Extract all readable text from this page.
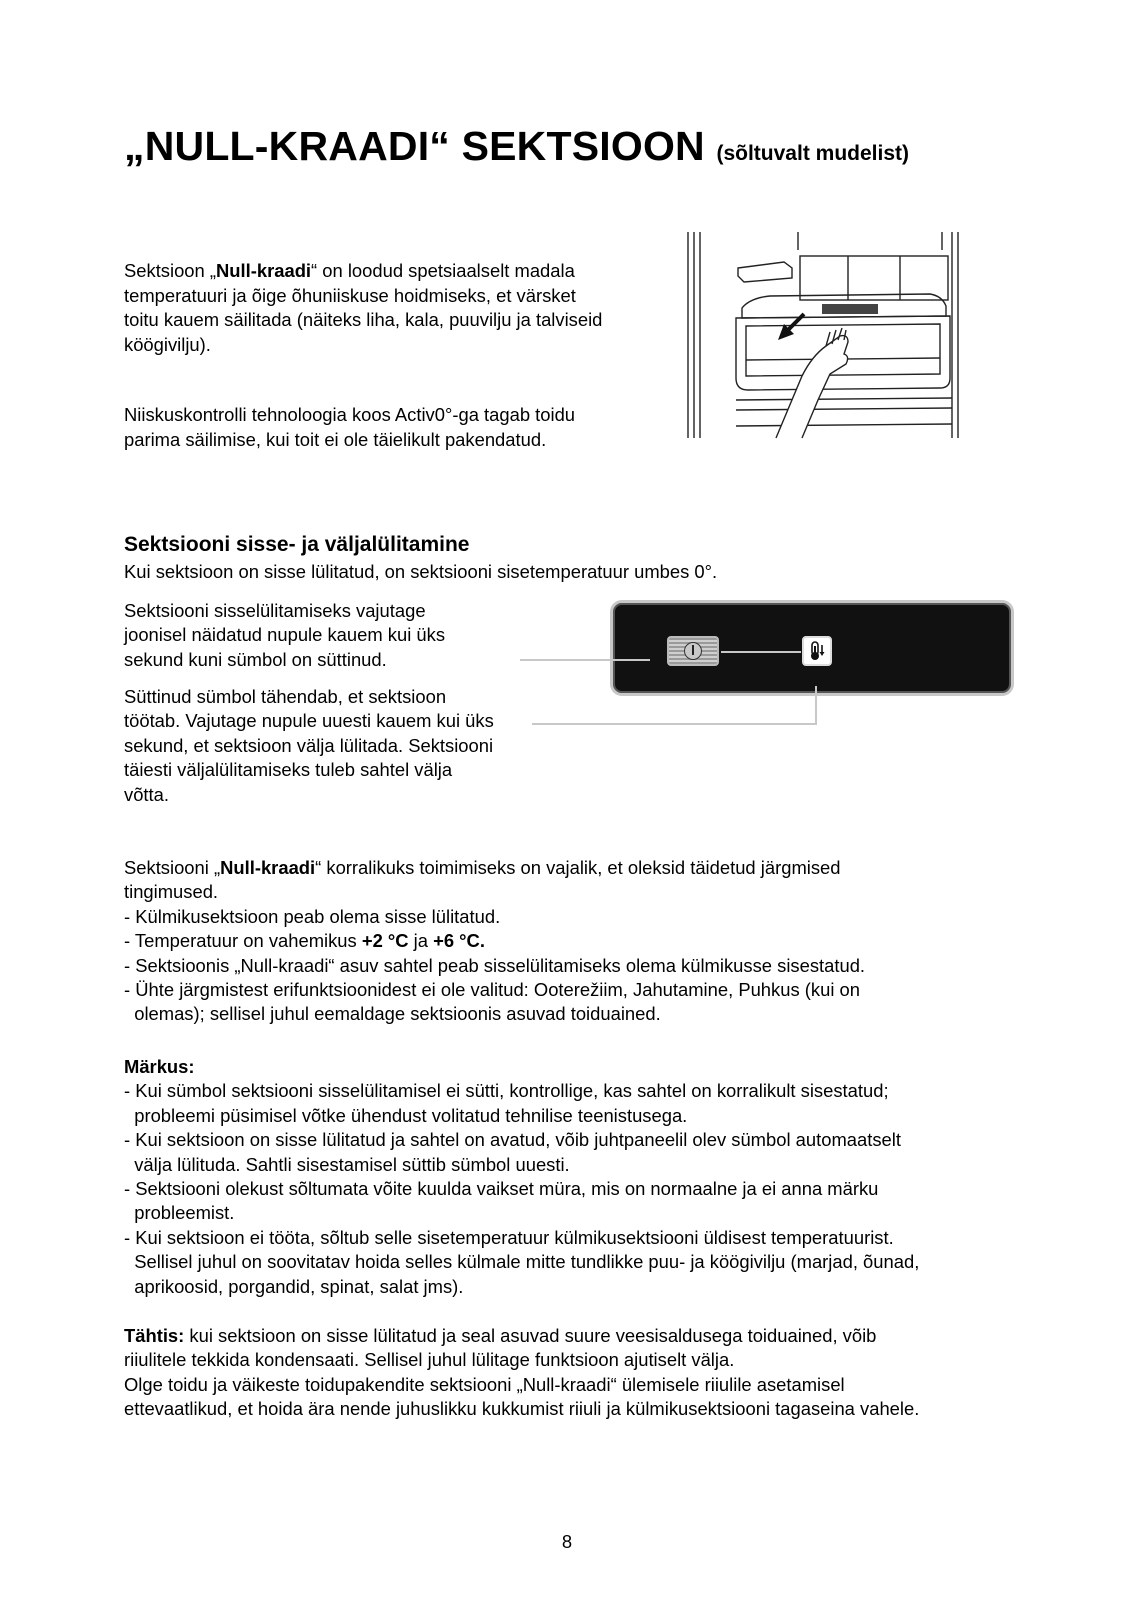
„NULL-KRAADI“ SEKTSIOON (sõltuvalt mudelist)

Sektsioon „Null-kraadi“ on loodud spetsiaalselt madala
temperatuuri ja õige õhuniiskuse hoidmiseks, et värsket
toitu kauem säilitada (näiteks liha, kala, puuvilju ja talviseid
köögivilju).

Niiskuskontrolli tehnoloogia koos Activ0°-ga tagab toidu
parima säilimise, kui toit ei ole täielikult pakendatud.

Sektsiooni sisse- ja väljalülitamine

Kui sektsioon on sisse lülitatud, on sektsiooni sisetemperatuur umbes 0°.

Sektsiooni sisselülitamiseks vajutage
joonisel näidatud nupule kauem kui üks
sekund kuni sümbol on süttinud.

Süttinud sümbol tähendab, et sektsioon
töötab. Vajutage nupule uuesti kauem kui üks
sekund, et sektsioon välja lülitada. Sektsiooni
täiesti väljalülitamiseks tuleb sahtel välja
võtta.

Sektsiooni „Null-kraadi“ korralikuks toimimiseks on vajalik, et oleksid täidetud järgmised
tingimused.

- Külmikusektsioon peab olema sisse lülitatud.

- Temperatuur on vahemikus +2 °C ja +6 °C.

- Sektsioonis „Null-kraadi“ asuv sahtel peab sisselülitamiseks olema külmikusse sisestatud.

- Ühte järgmistest erifunktsioonidest ei ole valitud: Ooterežiim, Jahutamine, Puhkus (kui on
olemas); sellisel juhul eemaldage sektsioonis asuvad toiduained.

Märkus:

- Kui sümbol sektsiooni sisselülitamisel ei sütti, kontrollige, kas sahtel on korralikult sisestatud;
probleemi püsimisel võtke ühendust volitatud tehnilise teenistusega.
- Kui sektsioon on sisse lülitatud ja sahtel on avatud, võib juhtpaneelil olev sümbol automaatselt
välja lülituda. Sahtli sisestamisel süttib sümbol uuesti.
- Sektsiooni olekust sõltumata võite kuulda vaikset müra, mis on normaalne ja ei anna märku
probleemist.
- Kui sektsioon ei tööta, sõltub selle sisetemperatuur külmikusektsiooni üldisest temperatuurist.
Sellisel juhul on soovitatav hoida selles külmale mitte tundlikke puu- ja köögivilju (marjad, õunad,
aprikoosid, porgandid, spinat, salat jms).

Tähtis: kui sektsioon on sisse lülitatud ja seal asuvad suure veesisaldusega toiduained, võib
riiulitele tekkida kondensaati. Sellisel juhul lülitage funktsioon ajutiselt välja.
Olge toidu ja väikeste toidupakendite sektsiooni „Null-kraadi“ ülemisele riiulile asetamisel
ettevaatlikud, et hoida ära nende juhuslikku kukkumist riiuli ja külmikusektsiooni tagaseina vahele.

8
